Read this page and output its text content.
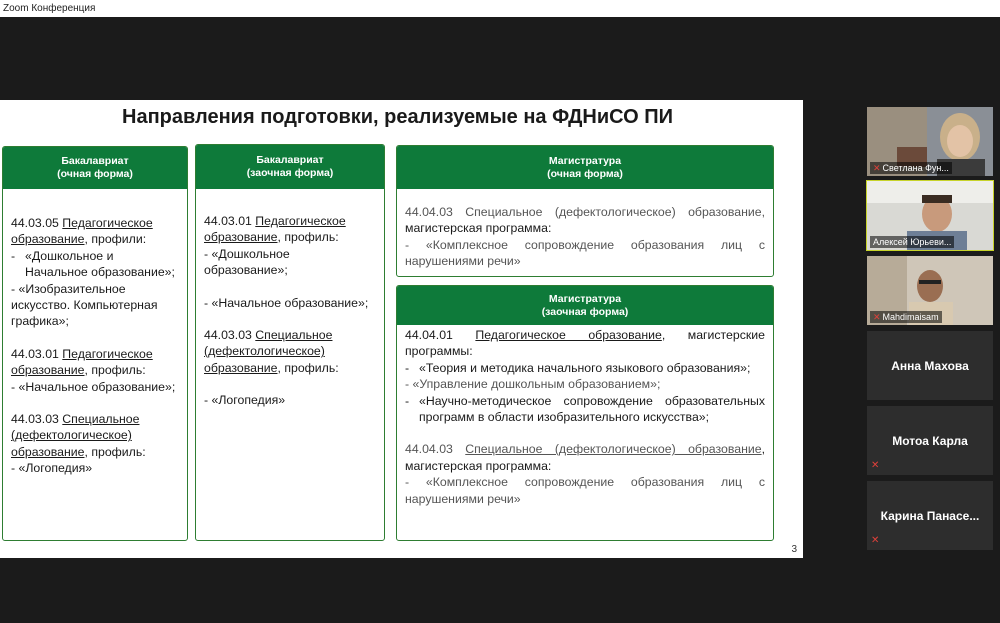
Zoom Конференция
Направления подготовки, реализуемые на ФДНиСО ПИ
Бакалавриат
(очная форма)
44.03.05 Педагогическое образование, профили:
- «Дошкольное и Начальное образование»;
- «Изобразительное искусство. Компьютерная графика»;
44.03.01 Педагогическое образование, профиль:
- «Начальное образование»;
44.03.03 Специальное (дефектологическое) образование, профиль:
- «Логопедия»
Бакалавриат
(заочная форма)
44.03.01 Педагогическое образование, профиль:
- «Дошкольное образование»;
- «Начальное образование»;
44.03.03 Специальное (дефектологическое) образование, профиль:
- «Логопедия»
Магистратура
(очная форма)
44.04.03 Специальное (дефектологическое) образование, магистерская программа:
- «Комплексное сопровождение образования лиц с нарушениями речи»
Магистратура
(заочная форма)
44.04.01 Педагогическое образование, магистерские программы:
- «Теория и методика начального языкового образования»;
- «Управление дошкольным образованием»;
- «Научно-методическое сопровождение образовательных программ в области изобразительного искусства»;
44.04.03 Специальное (дефектологическое) образование, магистерская программа:
- «Комплексное сопровождение образования лиц с нарушениями речи»
3
✕ Светлана Фун...
Алексей Юрьеви...
✕ Mahdimaisam
Анна Махова
Мотоа Карла
✕
Карина Панасе...
✕
